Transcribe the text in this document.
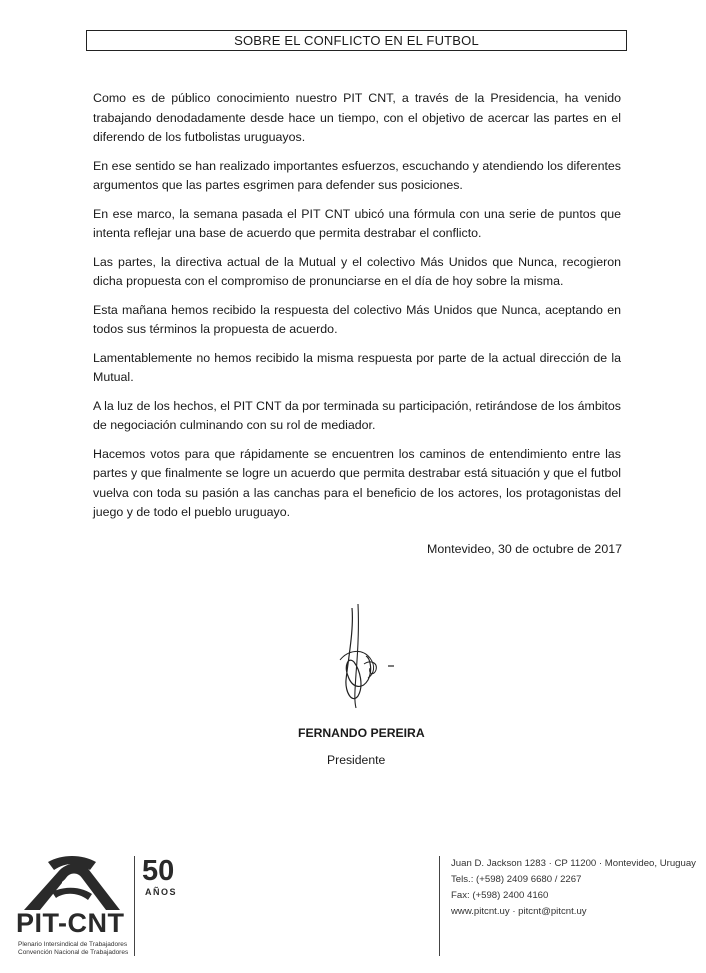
SOBRE EL CONFLICTO EN EL FUTBOL

Como es de público conocimiento nuestro PIT CNT, a través de la Presidencia, ha venido trabajando denodadamente desde hace un tiempo, con el objetivo de acercar las partes en el diferendo de los futbolistas uruguayos.

En ese sentido se han realizado importantes esfuerzos, escuchando y atendiendo los diferentes argumentos que las partes esgrimen para defender sus posiciones.

En ese marco, la semana pasada el PIT CNT ubicó una fórmula con una serie de puntos que intenta reflejar una base de acuerdo que permita destrabar el conflicto.

Las partes, la directiva actual de la Mutual y el colectivo Más Unidos que Nunca, recogieron dicha propuesta con el compromiso de pronunciarse en el día de hoy sobre la misma.

Esta mañana hemos recibido la respuesta del colectivo Más Unidos que Nunca, aceptando en todos sus términos la propuesta de acuerdo.

Lamentablemente no hemos recibido la misma respuesta por parte de la actual dirección de la Mutual.

A la luz de los hechos, el PIT CNT da por terminada su participación, retirándose de los ámbitos de negociación culminando con su rol de mediador.

Hacemos votos para que rápidamente se encuentren los caminos de entendimiento entre las partes y que finalmente se logre un acuerdo que permita destrabar está situación y que el futbol vuelva con toda su pasión a las canchas para el beneficio de los actores, los protagonistas del juego y de todo el pueblo uruguayo.

Montevideo, 30 de octubre de 2017
FERNANDO PEREIRA
Presidente
PIT-CNT
Plenario Intersindical de Trabajadores
Convención Nacional de Trabajadores
50
AÑOS
Juan D. Jackson 1283 · CP 11200 · Montevideo, Uruguay
Tels.: (+598) 2409 6680 / 2267
Fax: (+598) 2400 4160
www.pitcnt.uy · pitcnt@pitcnt.uy
